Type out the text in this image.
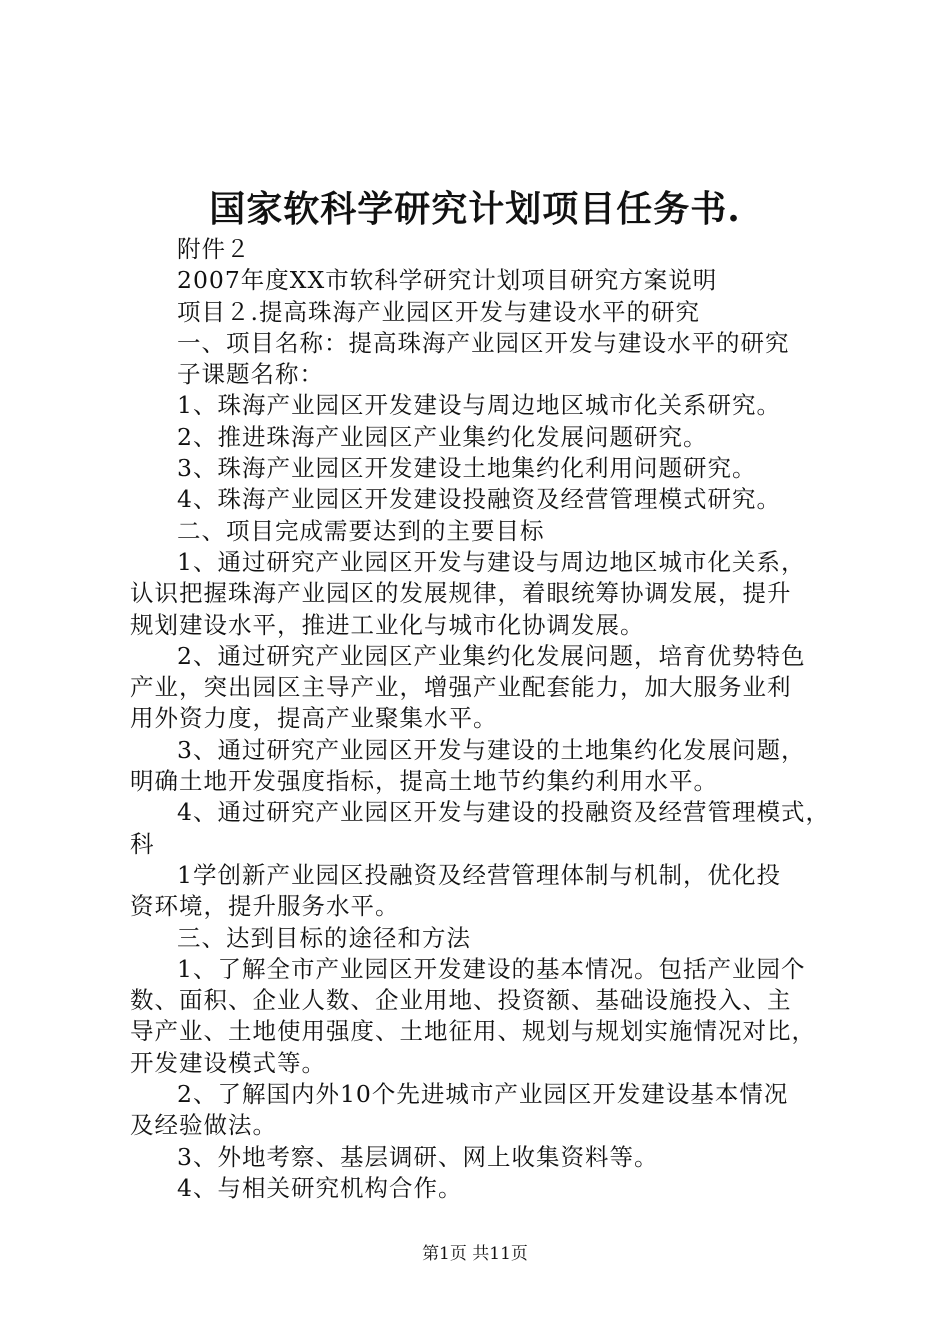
国家软科学研究计划项目任务书.
附件２
2007年度XX市软科学研究计划项目研究方案说明
项目２.提高珠海产业园区开发与建设水平的研究
一、项目名称：提高珠海产业园区开发与建设水平的研究
子课题名称：
1、珠海产业园区开发建设与周边地区城市化关系研究。
2、推进珠海产业园区产业集约化发展问题研究。
3、珠海产业园区开发建设土地集约化利用问题研究。
4、珠海产业园区开发建设投融资及经营管理模式研究。
二、项目完成需要达到的主要目标
1、通过研究产业园区开发与建设与周边地区城市化关系，
认识把握珠海产业园区的发展规律，着眼统筹协调发展，提升
规划建设水平，推进工业化与城市化协调发展。
2、通过研究产业园区产业集约化发展问题，培育优势特色
产业，突出园区主导产业，增强产业配套能力，加大服务业利
用外资力度，提高产业聚集水平。
3、通过研究产业园区开发与建设的土地集约化发展问题，
明确土地开发强度指标，提高土地节约集约利用水平。
4、通过研究产业园区开发与建设的投融资及经营管理模式，
科
1学创新产业园区投融资及经营管理体制与机制，优化投
资环境，提升服务水平。
三、达到目标的途径和方法
1、了解全市产业园区开发建设的基本情况。包括产业园个
数、面积、企业人数、企业用地、投资额、基础设施投入、主
导产业、土地使用强度、土地征用、规划与规划实施情况对比，
开发建设模式等。
2、了解国内外10个先进城市产业园区开发建设基本情况
及经验做法。
3、外地考察、基层调研、网上收集资料等。
4、与相关研究机构合作。
第1页 共11页
